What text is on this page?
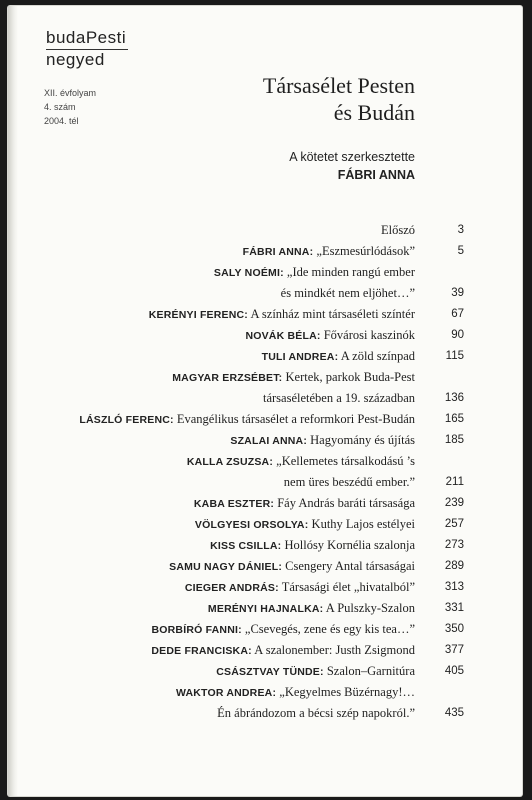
budaPesti
negyed
XII. évfolyam
4. szám
2004. tél
Társasélet Pesten
és Budán
A kötetet szerkesztette
FÁBRI ANNA
Előszó	3
FÁBRI ANNA: „Eszmesúrlódások”	5
SALY NOÉMI: „Ide minden rangú ember
és mindkét nem eljöhet…”	39
KERÉNYI FERENC: A színház mint társaséleti színtér	67
NOVÁK BÉLA: Fővárosi kaszinók	90
TULI ANDREA: A zöld színpad	115
MAGYAR ERZSÉBET: Kertek, parkok Buda-Pest
társaséletében a 19. században	136
LÁSZLÓ FERENC: Evangélikus társasélet a reformkori Pest-Budán	165
SZALAI ANNA: Hagyomány és újítás	185
KALLA ZSUZSA: „Kellemetes társalkodású ’s
nem üres beszédű ember.”	211
KABA ESZTER: Fáy András baráti társasága	239
VÖLGYESI ORSOLYA: Kuthy Lajos estélyei	257
KISS CSILLA: Hollósy Kornélia szalonja	273
SAMU NAGY DÁNIEL: Csengery Antal társaságai	289
CIEGER ANDRÁS: Társasági élet „hivatalból”	313
MERÉNYI HAJNALKA: A Pulszky-Szalon	331
BORBÍRÓ FANNI: „Csevegés, zene és egy kis tea…”	350
DEDE FRANCISKA: A szalonember: Justh Zsigmond	377
CSÁSZTVAY TÜNDE: Szalon–Garnitúra	405
WAKTOR ANDREA: „Kegyelmes Büzérnagy!…
Én ábrándozom a bécsi szép napokról.”	435
